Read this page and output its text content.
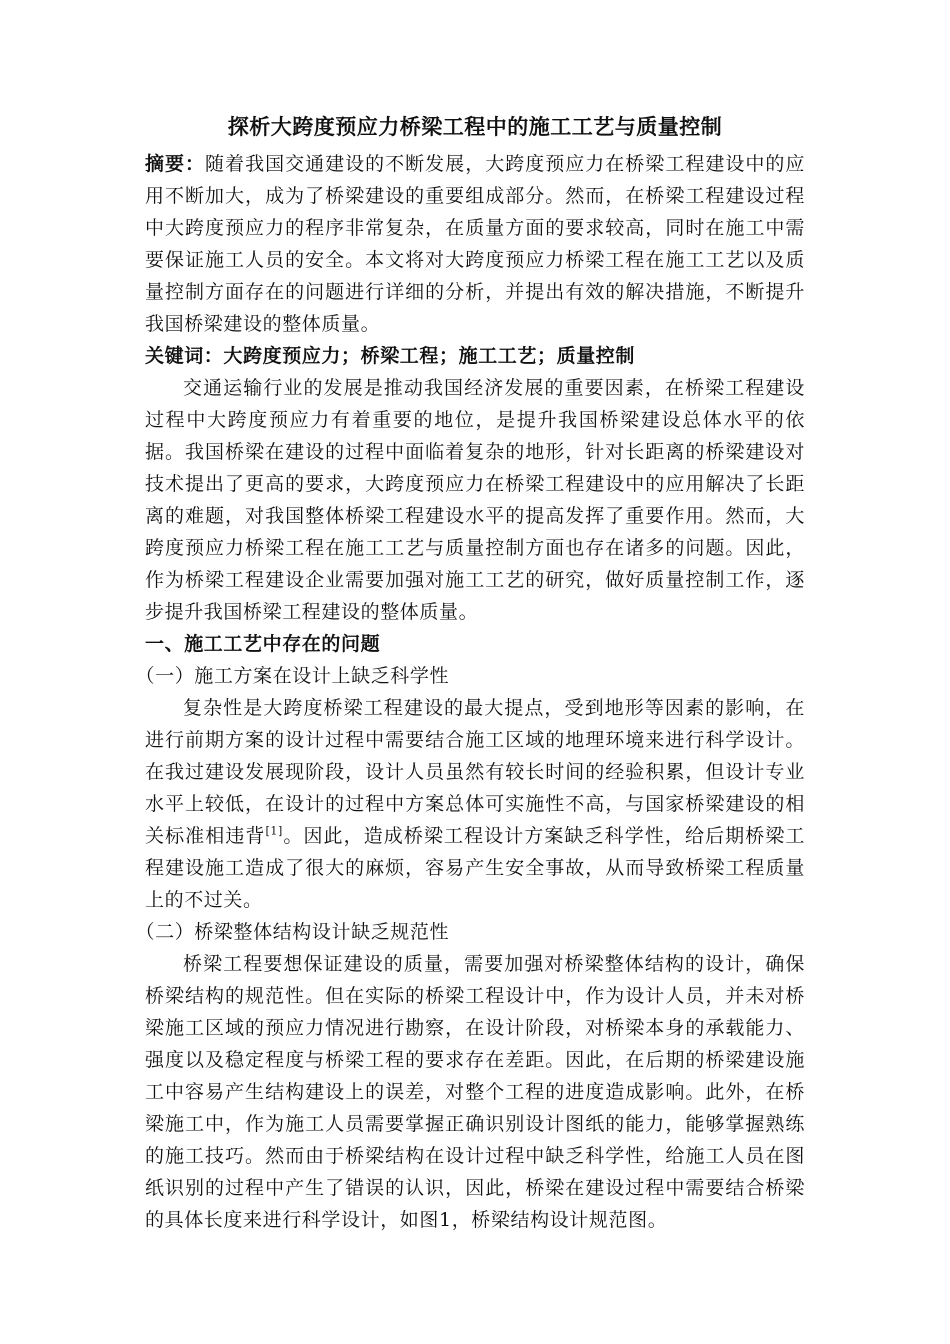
探析大跨度预应力桥梁工程中的施工工艺与质量控制

摘要：随着我国交通建设的不断发展，大跨度预应力在桥梁工程建设中的应用不断加大，成为了桥梁建设的重要组成部分。然而，在桥梁工程建设过程中大跨度预应力的程序非常复杂，在质量方面的要求较高，同时在施工中需要保证施工人员的安全。本文将对大跨度预应力桥梁工程在施工工艺以及质量控制方面存在的问题进行详细的分析，并提出有效的解决措施，不断提升我国桥梁建设的整体质量。

关键词：大跨度预应力；桥梁工程；施工工艺；质量控制

交通运输行业的发展是推动我国经济发展的重要因素，在桥梁工程建设过程中大跨度预应力有着重要的地位，是提升我国桥梁建设总体水平的依据。我国桥梁在建设的过程中面临着复杂的地形，针对长距离的桥梁建设对技术提出了更高的要求，大跨度预应力在桥梁工程建设中的应用解决了长距离的难题，对我国整体桥梁工程建设水平的提高发挥了重要作用。然而，大跨度预应力桥梁工程在施工工艺与质量控制方面也存在诸多的问题。因此，作为桥梁工程建设企业需要加强对施工工艺的研究，做好质量控制工作，逐步提升我国桥梁工程建设的整体质量。

一、施工工艺中存在的问题

（一）施工方案在设计上缺乏科学性

复杂性是大跨度桥梁工程建设的最大提点，受到地形等因素的影响，在进行前期方案的设计过程中需要结合施工区域的地理环境来进行科学设计。在我过建设发展现阶段，设计人员虽然有较长时间的经验积累，但设计专业水平上较低，在设计的过程中方案总体可实施性不高，与国家桥梁建设的相关标准相违背[1]。因此，造成桥梁工程设计方案缺乏科学性，给后期桥梁工程建设施工造成了很大的麻烦，容易产生安全事故，从而导致桥梁工程质量上的不过关。

（二）桥梁整体结构设计缺乏规范性

桥梁工程要想保证建设的质量，需要加强对桥梁整体结构的设计，确保桥梁结构的规范性。但在实际的桥梁工程设计中，作为设计人员，并未对桥梁施工区域的预应力情况进行勘察，在设计阶段，对桥梁本身的承载能力、强度以及稳定程度与桥梁工程的要求存在差距。因此，在后期的桥梁建设施工中容易产生结构建设上的误差，对整个工程的进度造成影响。此外，在桥梁施工中，作为施工人员需要掌握正确识别设计图纸的能力，能够掌握熟练的施工技巧。然而由于桥梁结构在设计过程中缺乏科学性，给施工人员在图纸识别的过程中产生了错误的认识，因此，桥梁在建设过程中需要结合桥梁的具体长度来进行科学设计，如图1，桥梁结构设计规范图。
